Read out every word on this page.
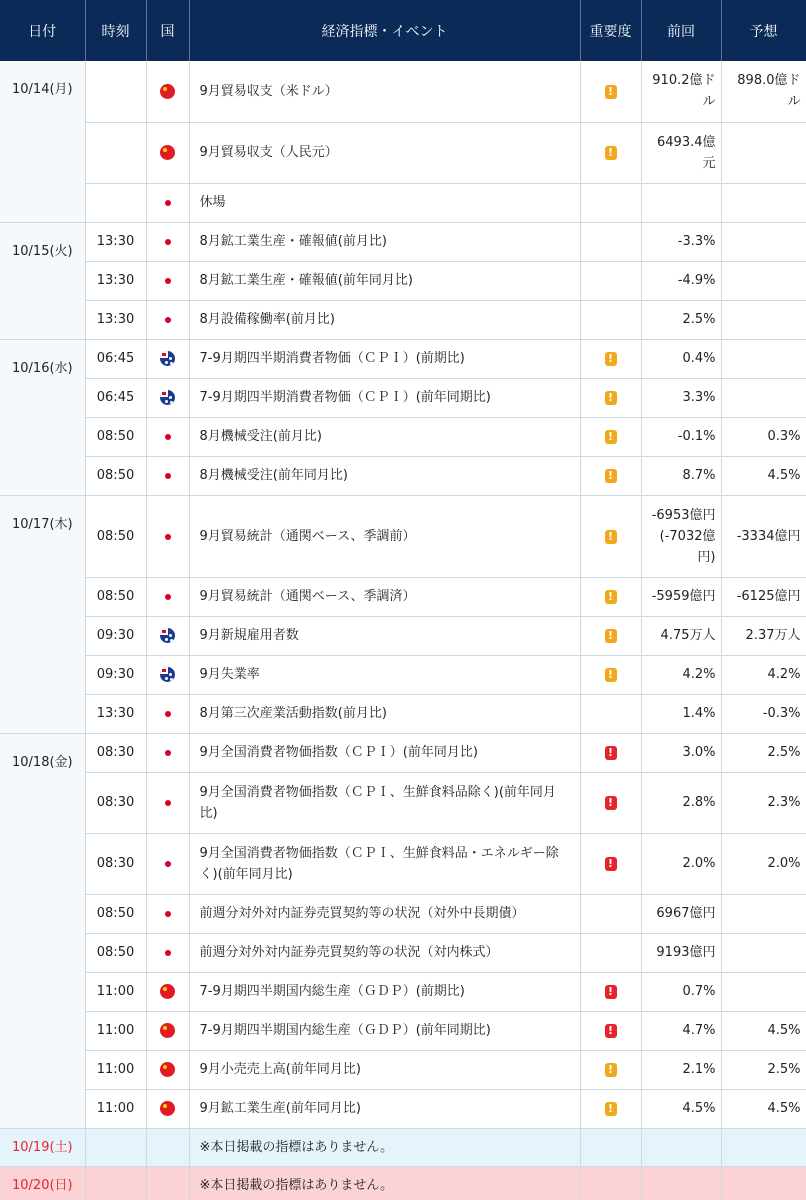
日付	時刻	国	経済指標・イベント	重要度	前回	予想
10/14(月)			9月貿易収支（米ドル）	!	910.2億ドル	898.0億ドル
			9月貿易収支（人民元）	!	6493.4億元	
			休場			
10/15(火)	13:30		8月鉱工業生産・確報値(前月比)		-3.3%	
	13:30		8月鉱工業生産・確報値(前年同月比)		-4.9%	
	13:30		8月設備稼働率(前月比)		2.5%	
10/16(水)	06:45		7-9月期四半期消費者物価（ＣＰＩ）(前期比)	!	0.4%	
	06:45		7-9月期四半期消費者物価（ＣＰＩ）(前年同期比)	!	3.3%	
	08:50		8月機械受注(前月比)	!	-0.1%	0.3%
	08:50		8月機械受注(前年同月比)	!	8.7%	4.5%
10/17(木)	08:50		9月貿易統計（通関ベース、季調前）	!	-6953億円(-7032億円)	-3334億円
	08:50		9月貿易統計（通関ベース、季調済）	!	-5959億円	-6125億円
	09:30		9月新規雇用者数	!	4.75万人	2.37万人
	09:30		9月失業率	!	4.2%	4.2%
	13:30		8月第三次産業活動指数(前月比)		1.4%	-0.3%
10/18(金)	08:30		9月全国消費者物価指数（ＣＰＩ）(前年同月比)	!	3.0%	2.5%
	08:30		9月全国消費者物価指数（ＣＰＩ、生鮮食料品除く)(前年同月比)	!	2.8%	2.3%
	08:30		9月全国消費者物価指数（ＣＰＩ、生鮮食料品・エネルギー除く)(前年同月比)	!	2.0%	2.0%
	08:50		前週分対外対内証券売買契約等の状況（対外中長期債）		6967億円	
	08:50		前週分対外対内証券売買契約等の状況（対内株式）		9193億円	
	11:00		7-9月期四半期国内総生産（ＧＤＰ）(前期比)	!	0.7%	
	11:00		7-9月期四半期国内総生産（ＧＤＰ）(前年同期比)	!	4.7%	4.5%
	11:00		9月小売売上高(前年同月比)	!	2.1%	2.5%
	11:00		9月鉱工業生産(前年同月比)	!	4.5%	4.5%
10/19(土)			※本日掲載の指標はありません。			
10/20(日)			※本日掲載の指標はありません。			
